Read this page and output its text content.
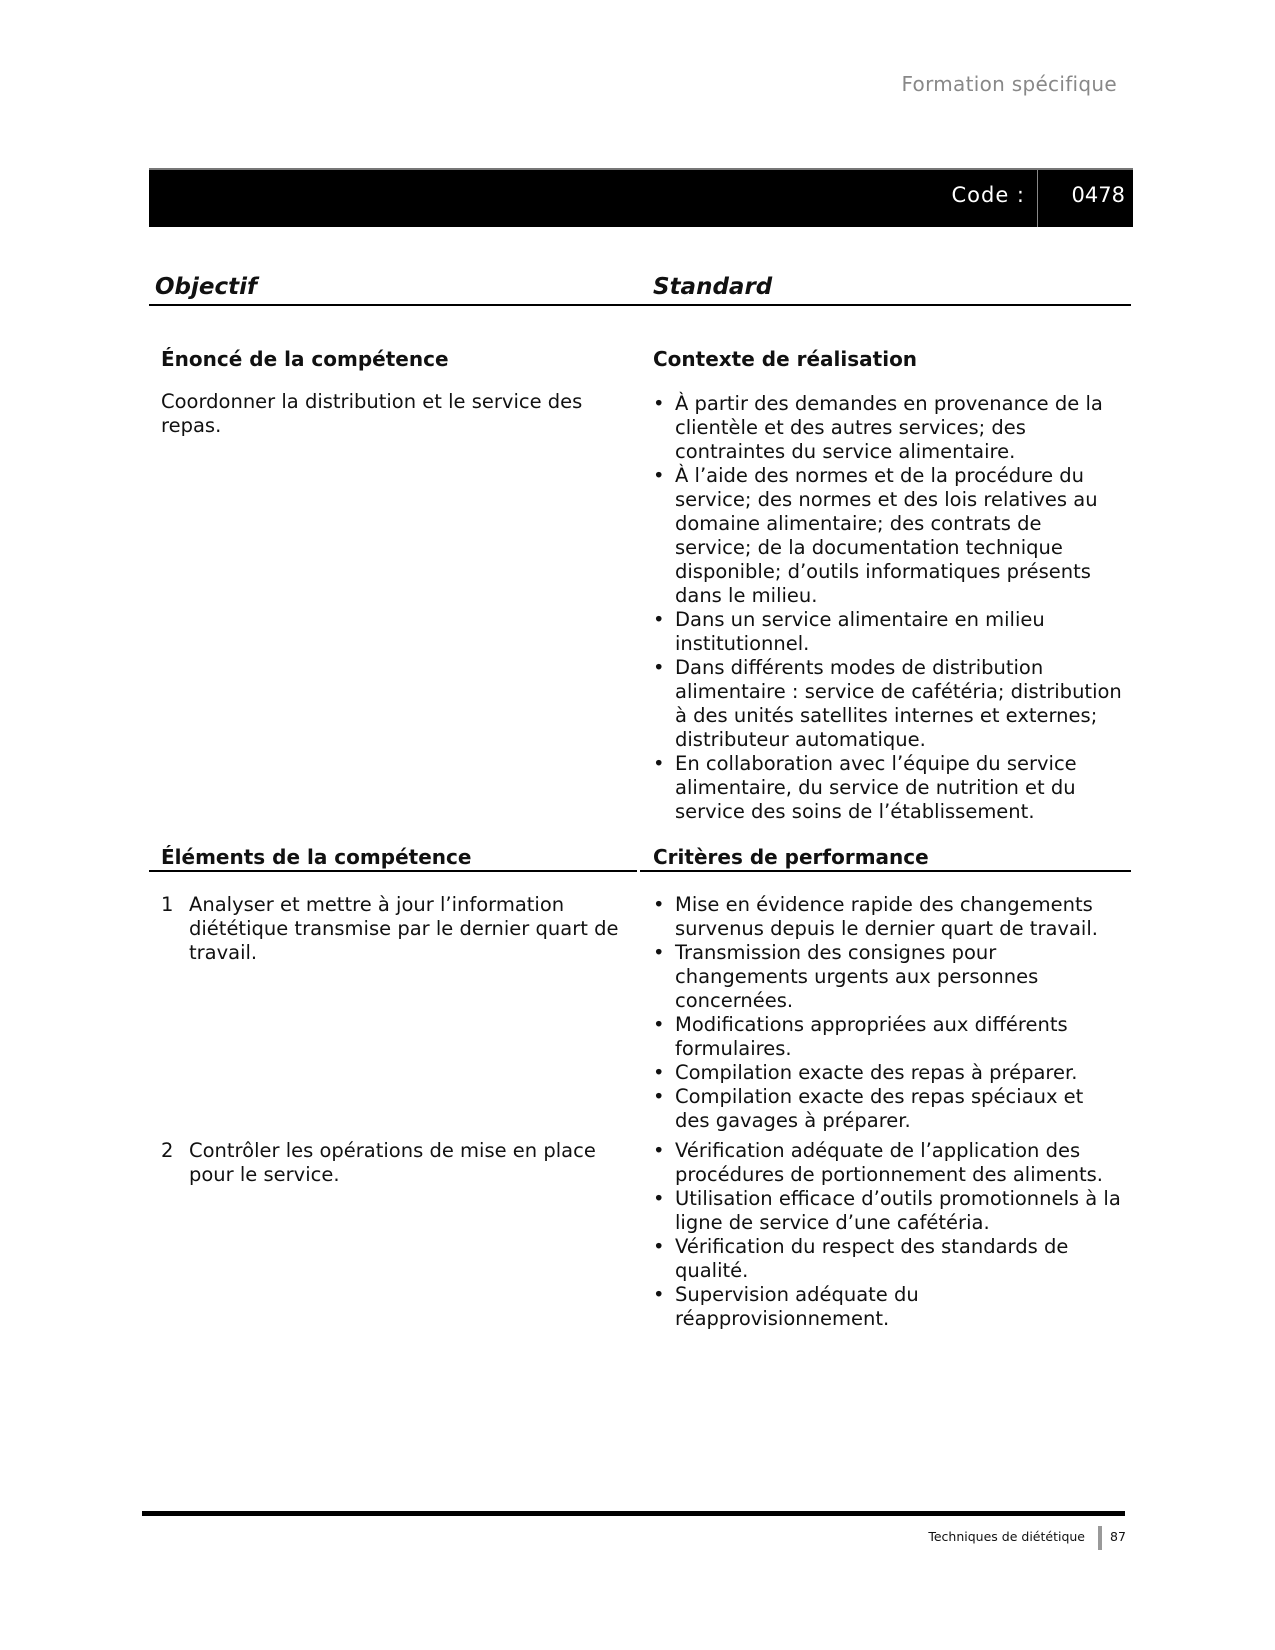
Formation spécifique
Code : 0478
Objectif	Standard
Énoncé de la compétence
Coordonner la distribution et le service des repas.
Contexte de réalisation
• À partir des demandes en provenance de la clientèle et des autres services; des contraintes du service alimentaire.
• À l’aide des normes et de la procédure du service; des normes et des lois relatives au domaine alimentaire; des contrats de service; de la documentation technique disponible; d’outils informatiques présents dans le milieu.
• Dans un service alimentaire en milieu institutionnel.
• Dans différents modes de distribution alimentaire : service de cafétéria; distribution à des unités satellites internes et externes; distributeur automatique.
• En collaboration avec l’équipe du service alimentaire, du service de nutrition et du service des soins de l’établissement.
Éléments de la compétence	Critères de performance
1 Analyser et mettre à jour l’information diététique transmise par le dernier quart de travail.
2 Contrôler les opérations de mise en place pour le service.
• Mise en évidence rapide des changements survenus depuis le dernier quart de travail.
• Transmission des consignes pour changements urgents aux personnes concernées.
• Modifications appropriées aux différents formulaires.
• Compilation exacte des repas à préparer.
• Compilation exacte des repas spéciaux et des gavages à préparer.
• Vérification adéquate de l’application des procédures de portionnement des aliments.
• Utilisation efficace d’outils promotionnels à la ligne de service d’une cafétéria.
• Vérification du respect des standards de qualité.
• Supervision adéquate du réapprovisionnement.
Techniques de diététique 87
